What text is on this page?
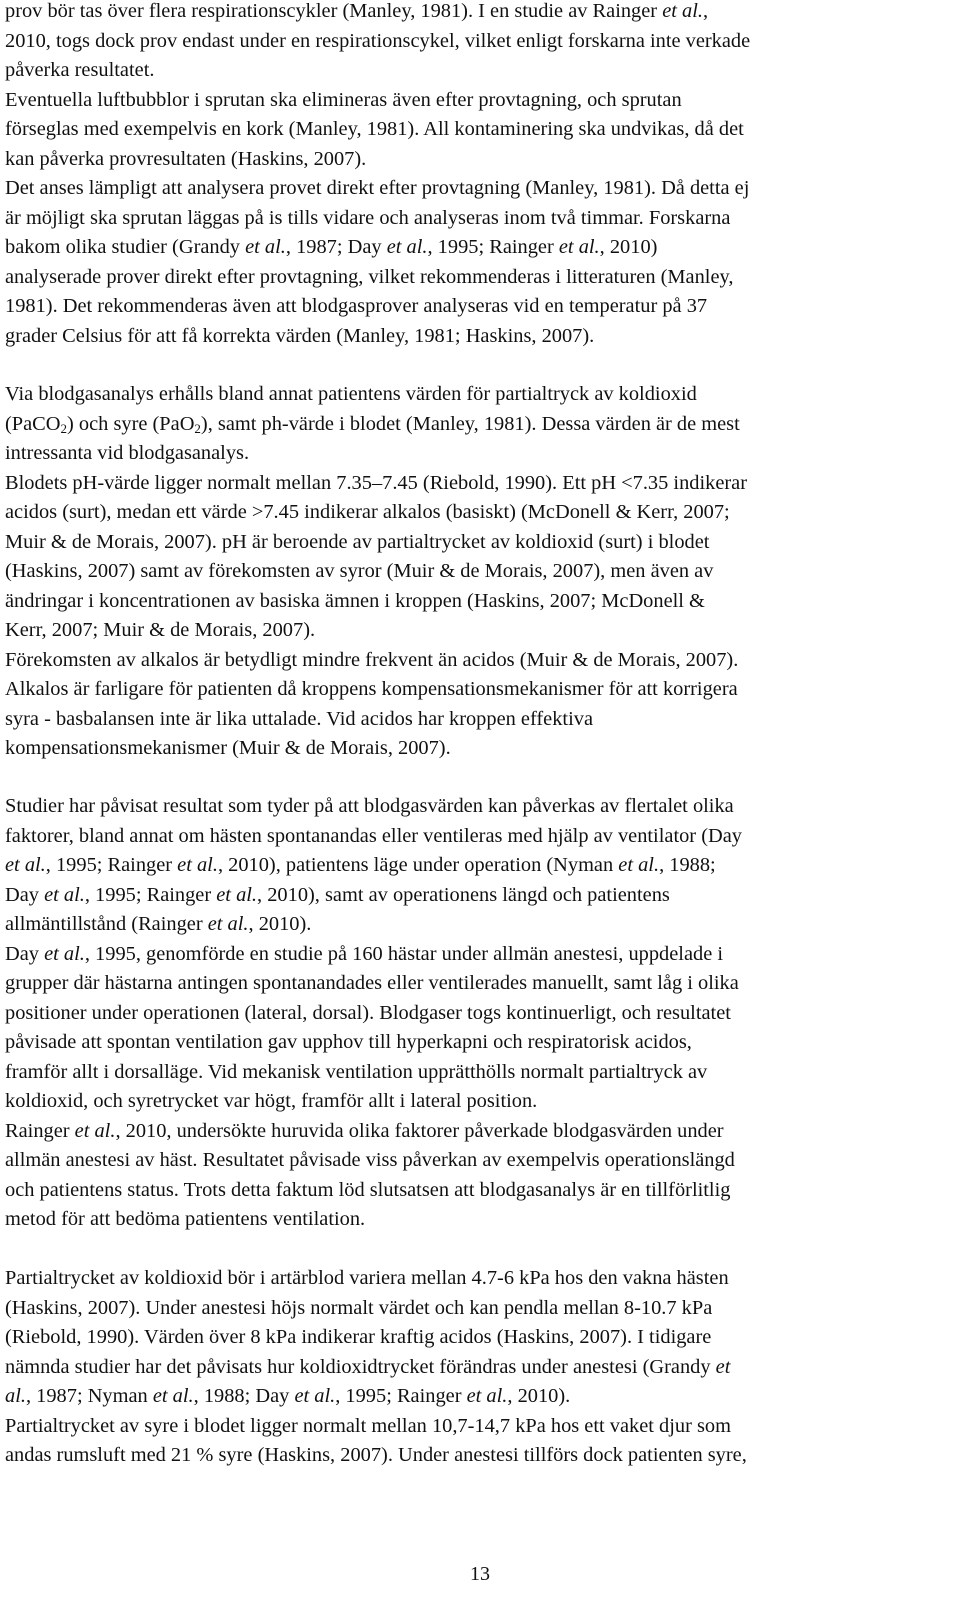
prov bör tas över flera respirationscykler (Manley, 1981). I en studie av Rainger et al.,
2010, togs dock prov endast under en respirationscykel, vilket enligt forskarna inte verkade
påverka resultatet.
Eventuella luftbubblor i sprutan ska elimineras även efter provtagning, och sprutan
förseglas med exempelvis en kork (Manley, 1981). All kontaminering ska undvikas, då det
kan påverka provresultaten (Haskins, 2007).
Det anses lämpligt att analysera provet direkt efter provtagning (Manley, 1981). Då detta ej
är möjligt ska sprutan läggas på is tills vidare och analyseras inom två timmar. Forskarna
bakom olika studier (Grandy et al., 1987; Day et al., 1995; Rainger et al., 2010)
analyserade prover direkt efter provtagning, vilket rekommenderas i litteraturen (Manley,
1981). Det rekommenderas även att blodgasprover analyseras vid en temperatur på 37
grader Celsius för att få korrekta värden (Manley, 1981; Haskins, 2007).
Via blodgasanalys erhålls bland annat patientens värden för partialtryck av koldioxid
(PaCO$_2$) och syre (PaO$_2$), samt ph-värde i blodet (Manley, 1981). Dessa värden är de mest
intressanta vid blodgasanalys.
Blodets pH-värde ligger normalt mellan 7.35–7.45 (Riebold, 1990). Ett pH <7.35 indikerar
acidos (surt), medan ett värde >7.45 indikerar alkalos (basiskt) (McDonell & Kerr, 2007;
Muir & de Morais, 2007). pH är beroende av partialtrycket av koldioxid (surt) i blodet
(Haskins, 2007) samt av förekomsten av syror (Muir & de Morais, 2007), men även av
ändringar i koncentrationen av basiska ämnen i kroppen (Haskins, 2007; McDonell &
Kerr, 2007; Muir & de Morais, 2007).
Förekomsten av alkalos är betydligt mindre frekvent än acidos (Muir & de Morais, 2007).
Alkalos är farligare för patienten då kroppens kompensationsmekanismer för att korrigera
syra - basbalansen inte är lika uttalade. Vid acidos har kroppen effektiva
kompensationsmekanismer (Muir & de Morais, 2007).
Studier har påvisat resultat som tyder på att blodgasvärden kan påverkas av flertalet olika
faktorer, bland annat om hästen spontanandas eller ventileras med hjälp av ventilator (Day
et al., 1995; Rainger et al., 2010), patientens läge under operation (Nyman et al., 1988;
Day et al., 1995; Rainger et al., 2010), samt av operationens längd och patientens
allmäntillstånd (Rainger et al., 2010).
Day et al., 1995, genomförde en studie på 160 hästar under allmän anestesi, uppdelade i
grupper där hästarna antingen spontanandades eller ventilerades manuellt, samt låg i olika
positioner under operationen (lateral, dorsal). Blodgaser togs kontinuerligt, och resultatet
påvisade att spontan ventilation gav upphov till hyperkapni och respiratorisk acidos,
framför allt i dorsalläge. Vid mekanisk ventilation upprätthölls normalt partialtryck av
koldioxid, och syretrycket var högt, framför allt i lateral position.
Rainger et al., 2010, undersökte huruvida olika faktorer påverkade blodgasvärden under
allmän anestesi av häst. Resultatet påvisade viss påverkan av exempelvis operationslängd
och patientens status. Trots detta faktum löd slutsatsen att blodgasanalys är en tillförlitlig
metod för att bedöma patientens ventilation.
Partialtrycket av koldioxid bör i artärblod variera mellan 4.7-6 kPa hos den vakna hästen
(Haskins, 2007). Under anestesi höjs normalt värdet och kan pendla mellan 8-10.7 kPa
(Riebold, 1990). Värden över 8 kPa indikerar kraftig acidos (Haskins, 2007). I tidigare
nämnda studier har det påvisats hur koldioxidtrycket förändras under anestesi (Grandy et
al., 1987; Nyman et al., 1988; Day et al., 1995; Rainger et al., 2010).
Partialtrycket av syre i blodet ligger normalt mellan 10,7-14,7 kPa hos ett vaket djur som
andas rumsluft med 21 % syre (Haskins, 2007). Under anestesi tillförs dock patienten syre,
13
